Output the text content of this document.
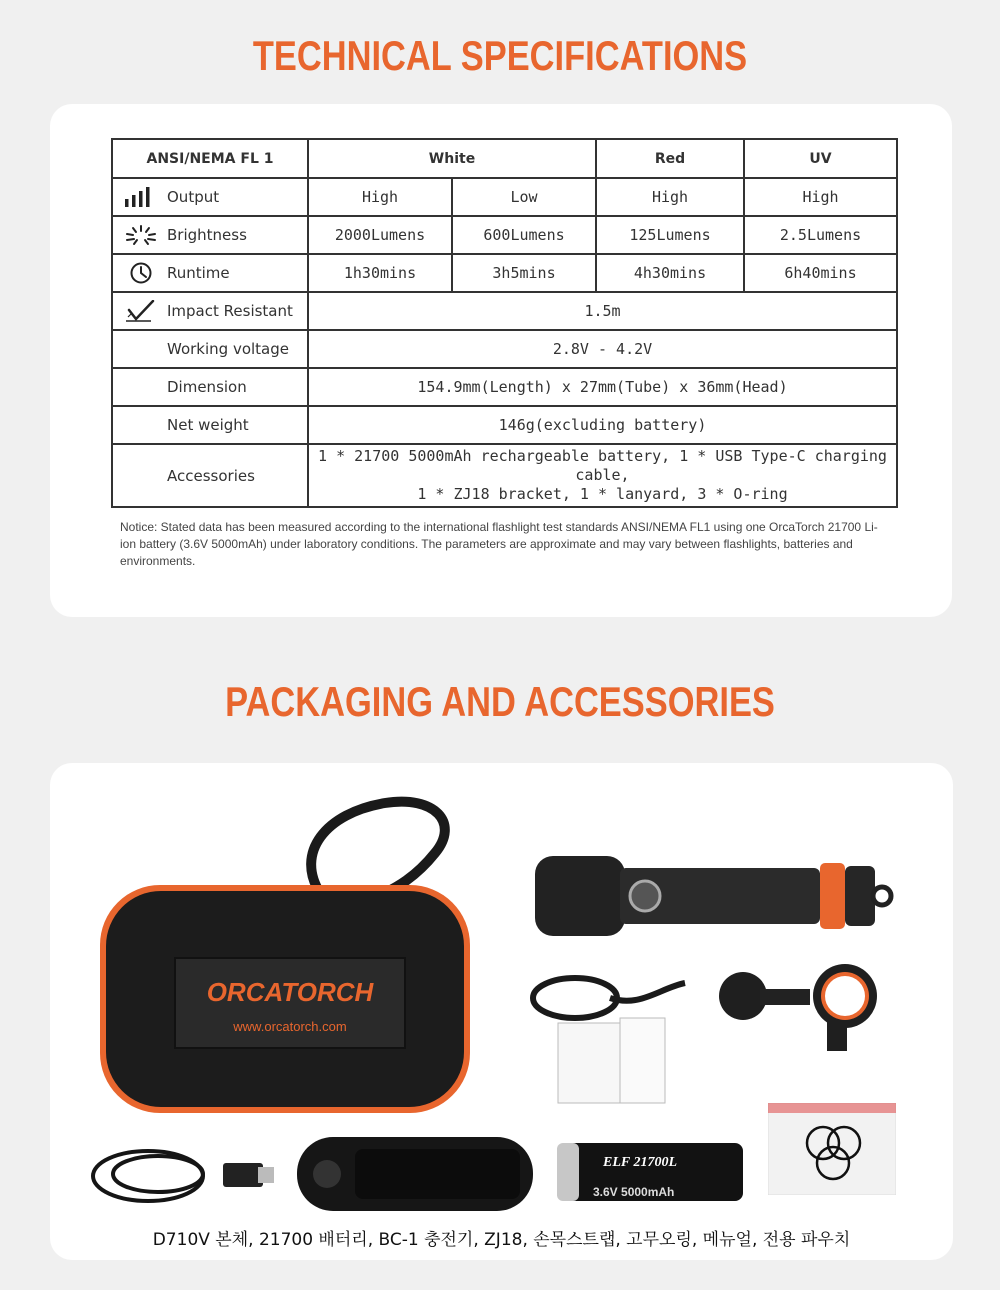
TECHNICAL SPECIFICATIONS
ANSI/NEMA FL 1	White		Red	UV
Output	High	Low	High	High
Brightness	2000Lumens	600Lumens	125Lumens	2.5Lumens
Runtime	1h30mins	3h5mins	4h30mins	6h40mins
Impact Resistant	1.5m			
Working voltage	2.8V - 4.2V			
Dimension	154.9mm(Length) x 27mm(Tube) x 36mm(Head)			
Net weight	146g(excluding battery)			
Accessories	1 * 21700 5000mAh rechargeable battery, 1 * USB Type-C charging cable,
1 * ZJ18 bracket, 1 * lanyard, 3 * O-ring			
Notice: Stated data has been measured according to the international flashlight test standards ANSI/NEMA FL1 using one OrcaTorch 21700 Li-ion battery (3.6V 5000mAh) under laboratory conditions. The parameters are approximate and may vary between flashlights, batteries and environments.
PACKAGING AND ACCESSORIES
ORCATORCH
www.orcatorch.com
ELF 21700L
3.6V 5000mAh
D710V 본체, 21700 배터리, BC-1 충전기, ZJ18, 손목스트랩, 고무오링, 메뉴얼, 전용 파우치
